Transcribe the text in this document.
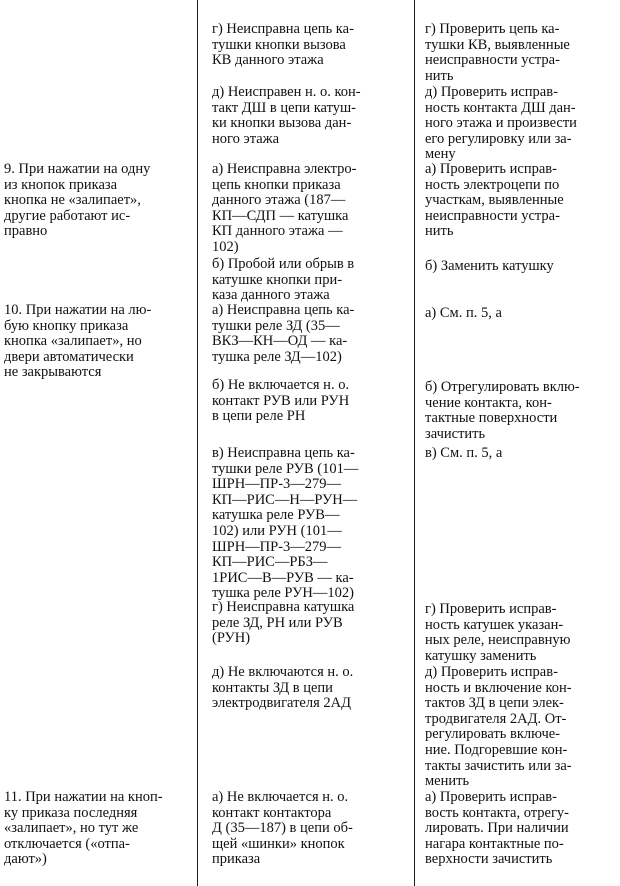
г) Неисправна цепь ка-
тушки кнопки вызова
КВ данного этажа

г) Проверить цепь ка-
тушки КВ, выявленные
неисправности устра-
нить

д) Неисправен н. о. кон-
такт ДШ в цепи катуш-
ки кнопки вызова дан-
ного этажа

д) Проверить исправ-
ность контакта ДШ дан-
ного этажа и произвести
его регулировку или за-
мену

9. При нажатии на одну
из кнопок приказа
кнопка не «залипает»,
другие работают ис-
правно

а) Неисправна электро-
цепь кнопки приказа
данного этажа (187—
КП—СДП — катушка
КП данного этажа —
102)

а) Проверить исправ-
ность электроцепи по
участкам, выявленные
неисправности устра-
нить

б) Пробой или обрыв в
катушке кнопки при-
каза данного этажа

б) Заменить катушку

10. При нажатии на лю-
бую кнопку приказа
кнопка «залипает», но
двери автоматически
не закрываются

а) Неисправна цепь ка-
тушки реле ЗД (35—
ВКЗ—КН—ОД — ка-
тушка реле ЗД—102)

а) См. п. 5, а

б) Не включается н. о.
контакт РУВ или РУН
в цепи реле РН

б) Отрегулировать вклю-
чение контакта, кон-
тактные поверхности
зачистить

в) Неисправна цепь ка-
тушки реле РУВ (101—
ШРН—ПР-3—279—
КП—РИС—Н—РУН—
катушка реле РУВ—
102) или РУН (101—
ШРН—ПР-3—279—
КП—РИС—РБЗ—
1РИС—В—РУВ — ка-
тушка реле РУН—102)

в) См. п. 5, а

г) Неисправна катушка
реле ЗД, РН или РУВ
(РУН)

г) Проверить исправ-
ность катушек указан-
ных реле, неисправную
катушку заменить

д) Не включаются н. о.
контакты ЗД в цепи
электродвигателя 2АД

д) Проверить исправ-
ность и включение кон-
тактов ЗД в цепи элек-
тродвигателя 2АД. От-
регулировать включе-
ние. Подгоревшие кон-
такты зачистить или за-
менить

11. При нажатии на кноп-
ку приказа последняя
«залипает», но тут же
отключается («отпа-
дают»)

а) Не включается н. о.
контакт контактора
Д (35—187) в цепи об-
щей «шинки» кнопок
приказа

а) Проверить исправ-
вость контакта, отрегу-
лировать. При наличии
нагара контактные по-
верхности зачистить
